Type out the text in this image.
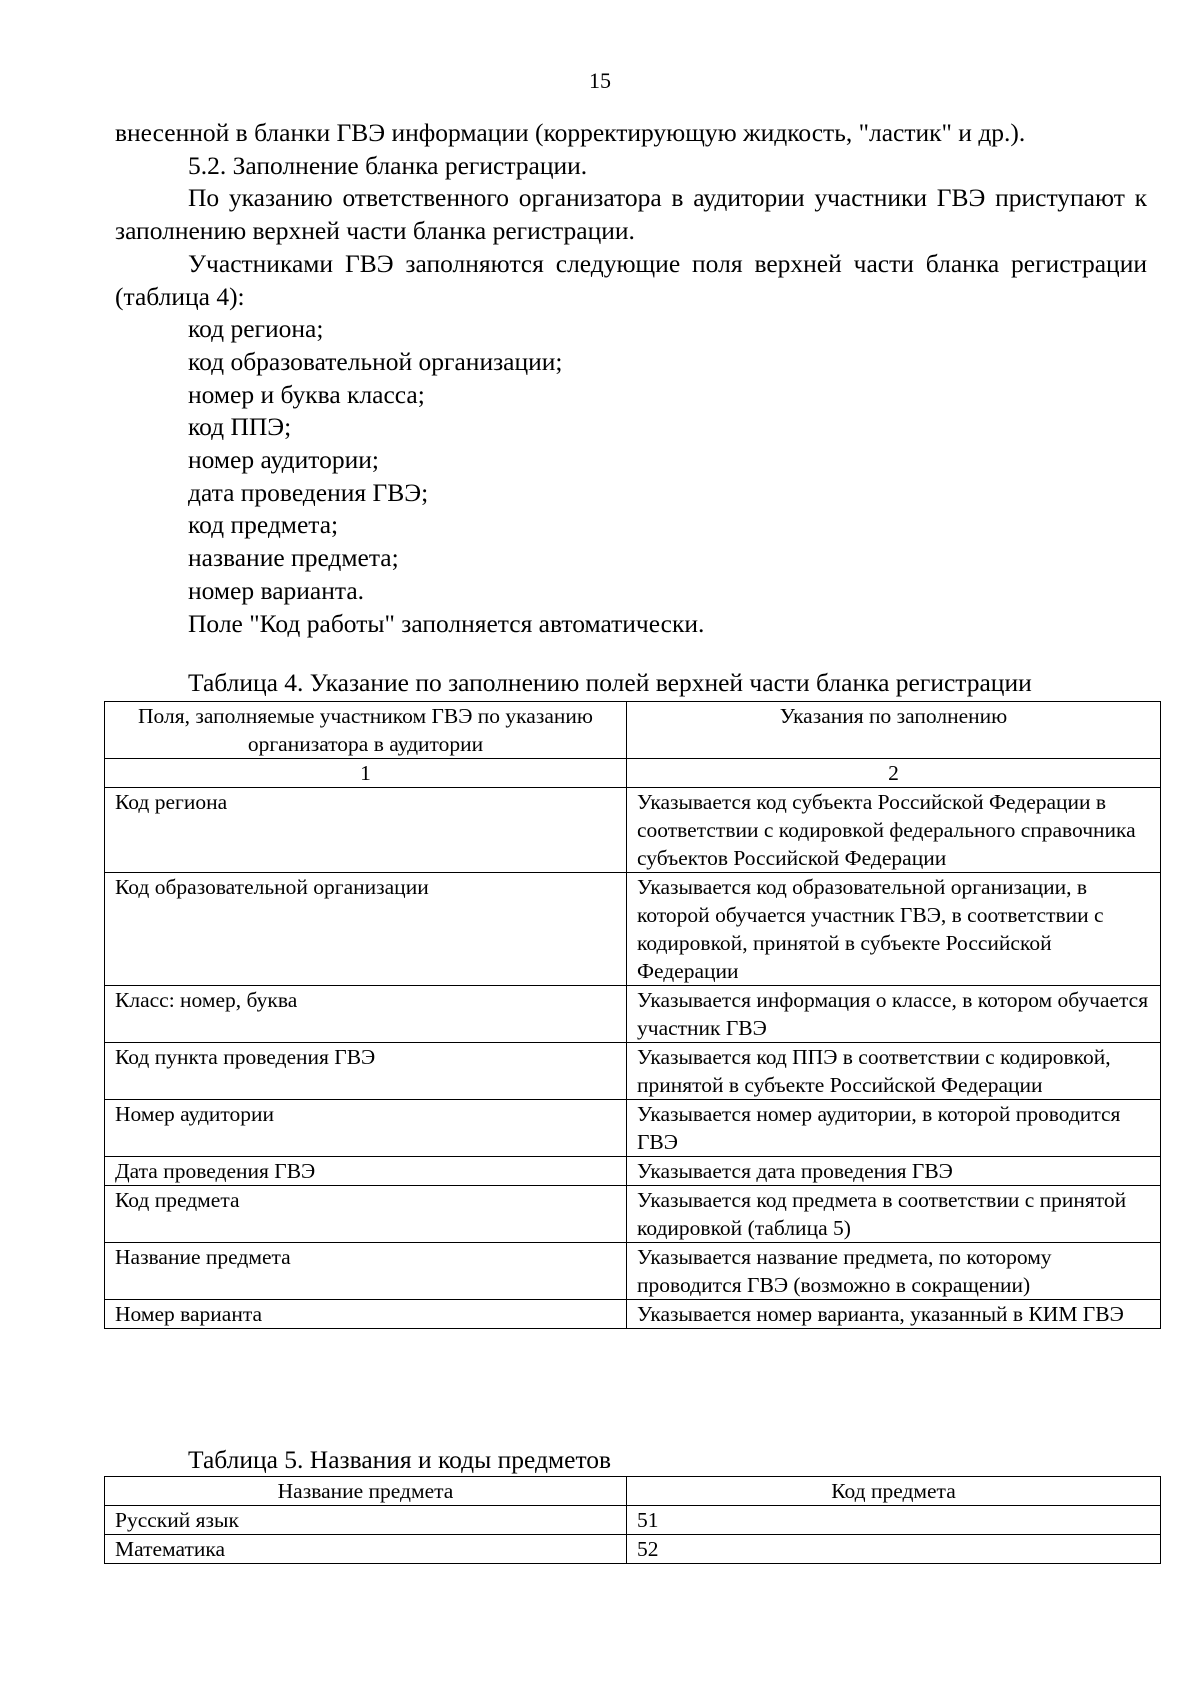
15

внесенной в бланки ГВЭ информации (корректирующую жидкость, "ластик" и др.).

5.2. Заполнение бланка регистрации.

По указанию ответственного организатора в аудитории участники ГВЭ приступают к заполнению верхней части бланка регистрации.

Участниками ГВЭ заполняются следующие поля верхней части бланка регистрации (таблица 4):

код региона;

код образовательной организации;

номер и буква класса;

код ППЭ;

номер аудитории;

дата проведения ГВЭ;

код предмета;

название предмета;

номер варианта.

Поле "Код работы" заполняется автоматически.

Таблица 4. Указание по заполнению полей верхней части бланка регистрации
Поля, заполняемые участником ГВЭ по указанию организатора в аудитории	Указания по заполнению
1	2
Код региона	Указывается код субъекта Российской Федерации в соответствии с кодировкой федерального справочника субъектов Российской Федерации
Код образовательной организации	Указывается код образовательной организации, в которой обучается участник ГВЭ, в соответствии с кодировкой, принятой в субъекте Российской Федерации
Класс: номер, буква	Указывается информация о классе, в котором обучается участник ГВЭ
Код пункта проведения ГВЭ	Указывается код ППЭ в соответствии с кодировкой, принятой в субъекте Российской Федерации
Номер аудитории	Указывается номер аудитории, в которой проводится ГВЭ
Дата проведения ГВЭ	Указывается дата проведения ГВЭ
Код предмета	Указывается код предмета в соответствии с принятой кодировкой (таблица 5)
Название предмета	Указывается название предмета, по которому проводится ГВЭ (возможно в сокращении)
Номер варианта	Указывается номер варианта, указанный в КИМ ГВЭ
Таблица 5. Названия и коды предметов
Название предмета	Код предмета
Русский язык	51
Математика	52
